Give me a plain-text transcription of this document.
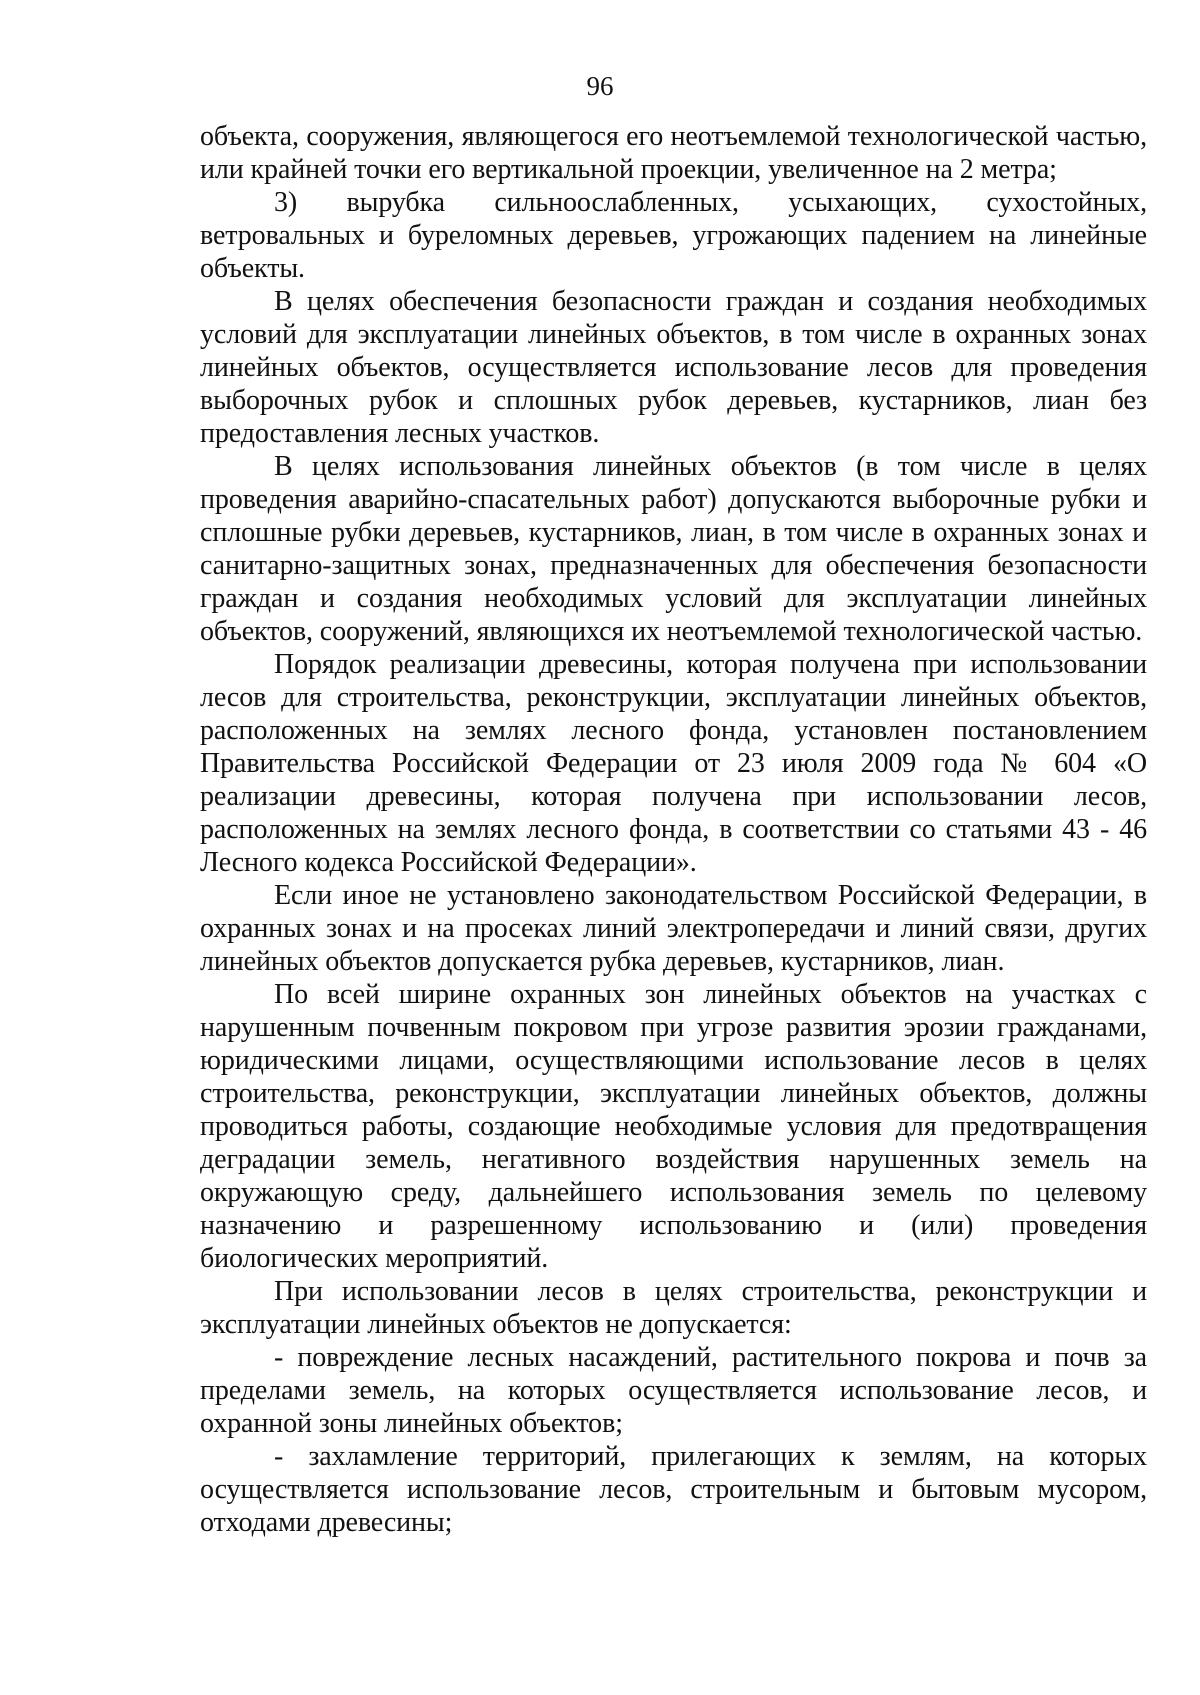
96

объекта, сооружения, являющегося его неотъемлемой технологической частью, или крайней точки его вертикальной проекции, увеличенное на 2 метра;

3) вырубка сильноослабленных, усыхающих, сухостойных, ветровальных и буреломных деревьев, угрожающих падением на линейные объекты.

В целях обеспечения безопасности граждан и создания необходимых условий для эксплуатации линейных объектов, в том числе в охранных зонах линейных объектов, осуществляется использование лесов для проведения выборочных рубок и сплошных рубок деревьев, кустарников, лиан без предоставления лесных участков.

В целях использования линейных объектов (в том числе в целях проведения аварийно-спасательных работ) допускаются выборочные рубки и сплошные рубки деревьев, кустарников, лиан, в том числе в охранных зонах и санитарно-защитных зонах, предназначенных для обеспечения безопасности граждан и создания необходимых условий для эксплуатации линейных объектов, сооружений, являющихся их неотъемлемой технологической частью.

Порядок реализации древесины, которая получена при использовании лесов для строительства, реконструкции, эксплуатации линейных объектов, расположенных на землях лесного фонда, установлен постановлением Правительства Российской Федерации от 23 июля 2009 года № 604 «О реализации древесины, которая получена при использовании лесов, расположенных на землях лесного фонда, в соответствии со статьями 43 - 46 Лесного кодекса Российской Федерации».

Если иное не установлено законодательством Российской Федерации, в охранных зонах и на просеках линий электропередачи и линий связи, других линейных объектов допускается рубка деревьев, кустарников, лиан.

По всей ширине охранных зон линейных объектов на участках с нарушенным почвенным покровом при угрозе развития эрозии гражданами, юридическими лицами, осуществляющими использование лесов в целях строительства, реконструкции, эксплуатации линейных объектов, должны проводиться работы, создающие необходимые условия для предотвращения деградации земель, негативного воздействия нарушенных земель на окружающую среду, дальнейшего использования земель по целевому назначению и разрешенному использованию и (или) проведения биологических мероприятий.

При использовании лесов в целях строительства, реконструкции и эксплуатации линейных объектов не допускается:

- повреждение лесных насаждений, растительного покрова и почв за пределами земель, на которых осуществляется использование лесов, и охранной зоны линейных объектов;

- захламление территорий, прилегающих к землям, на которых осуществляется использование лесов, строительным и бытовым мусором, отходами древесины;
